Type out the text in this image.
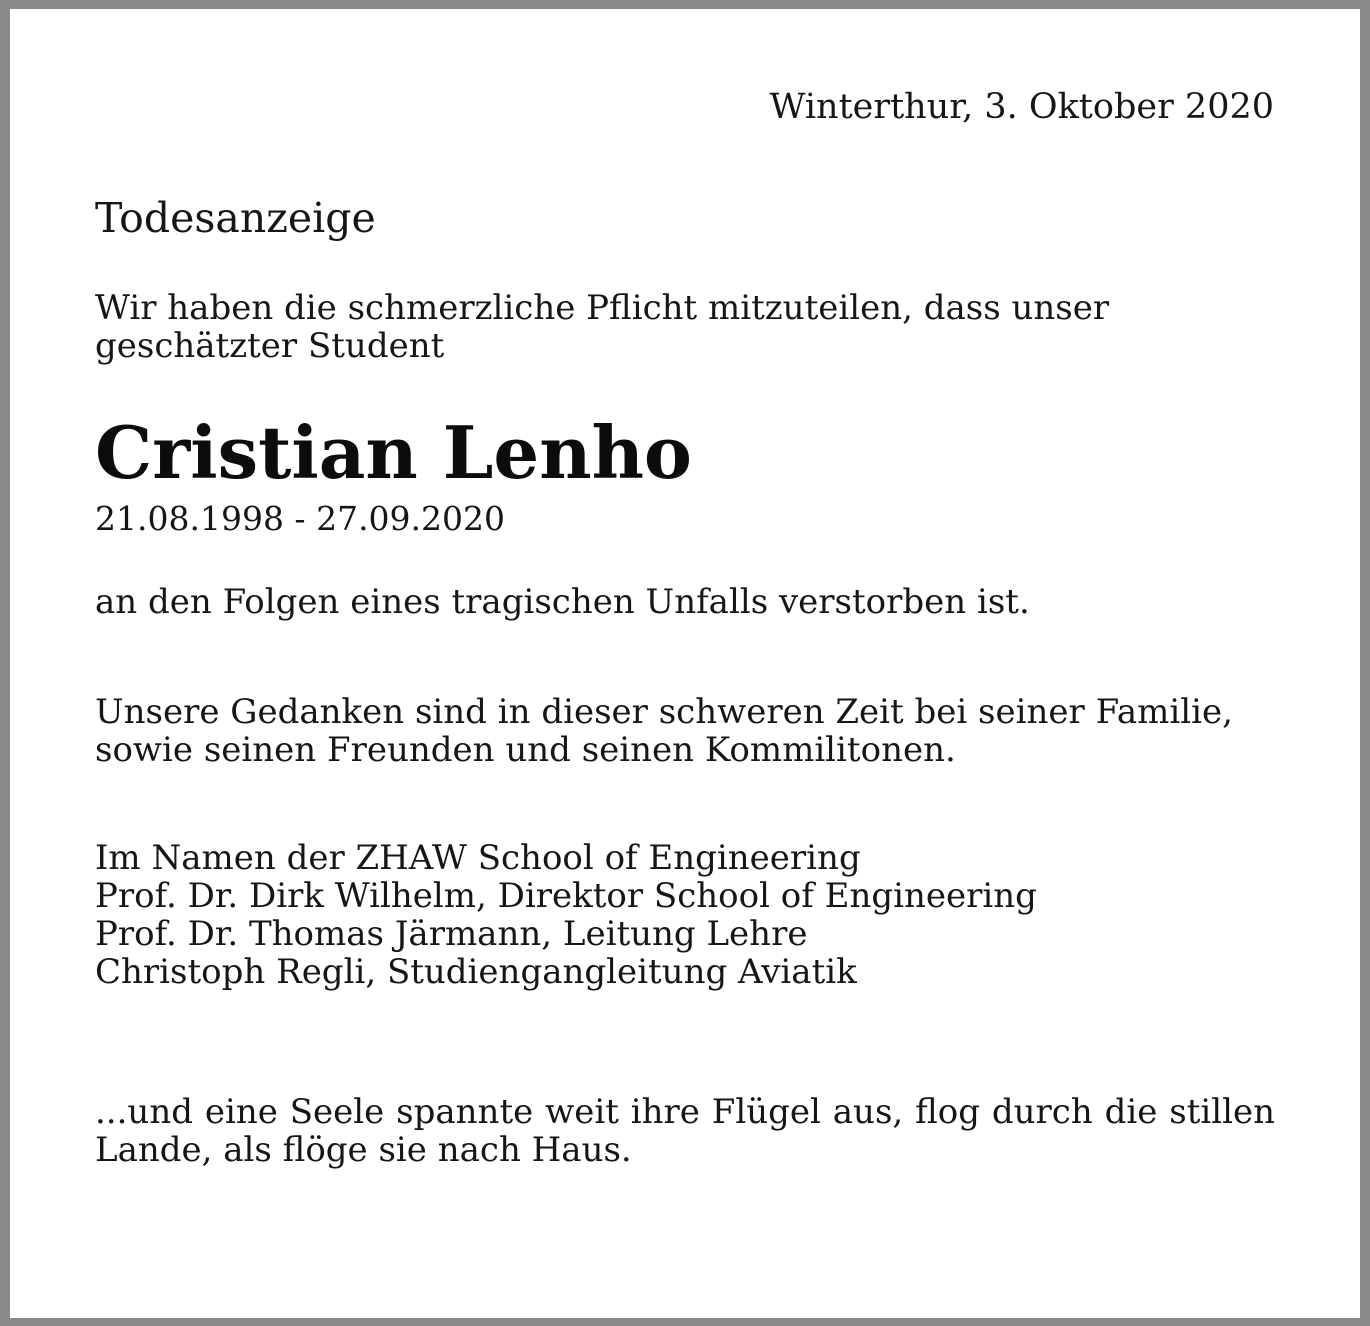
Winterthur, 3. Oktober 2020
Todesanzeige
Wir haben die schmerzliche Pflicht mitzuteilen, dass unser
geschätzter Student
Cristian Lenho
21.08.1998 - 27.09.2020
an den Folgen eines tragischen Unfalls verstorben ist.
Unsere Gedanken sind in dieser schweren Zeit bei seiner Familie,
sowie seinen Freunden und seinen Kommilitonen.
Im Namen der ZHAW School of Engineering
Prof. Dr. Dirk Wilhelm, Direktor School of Engineering
Prof. Dr. Thomas Järmann, Leitung Lehre
Christoph Regli, Studiengangleitung Aviatik
...und eine Seele spannte weit ihre Flügel aus, flog durch die stillen
Lande, als flöge sie nach Haus.
